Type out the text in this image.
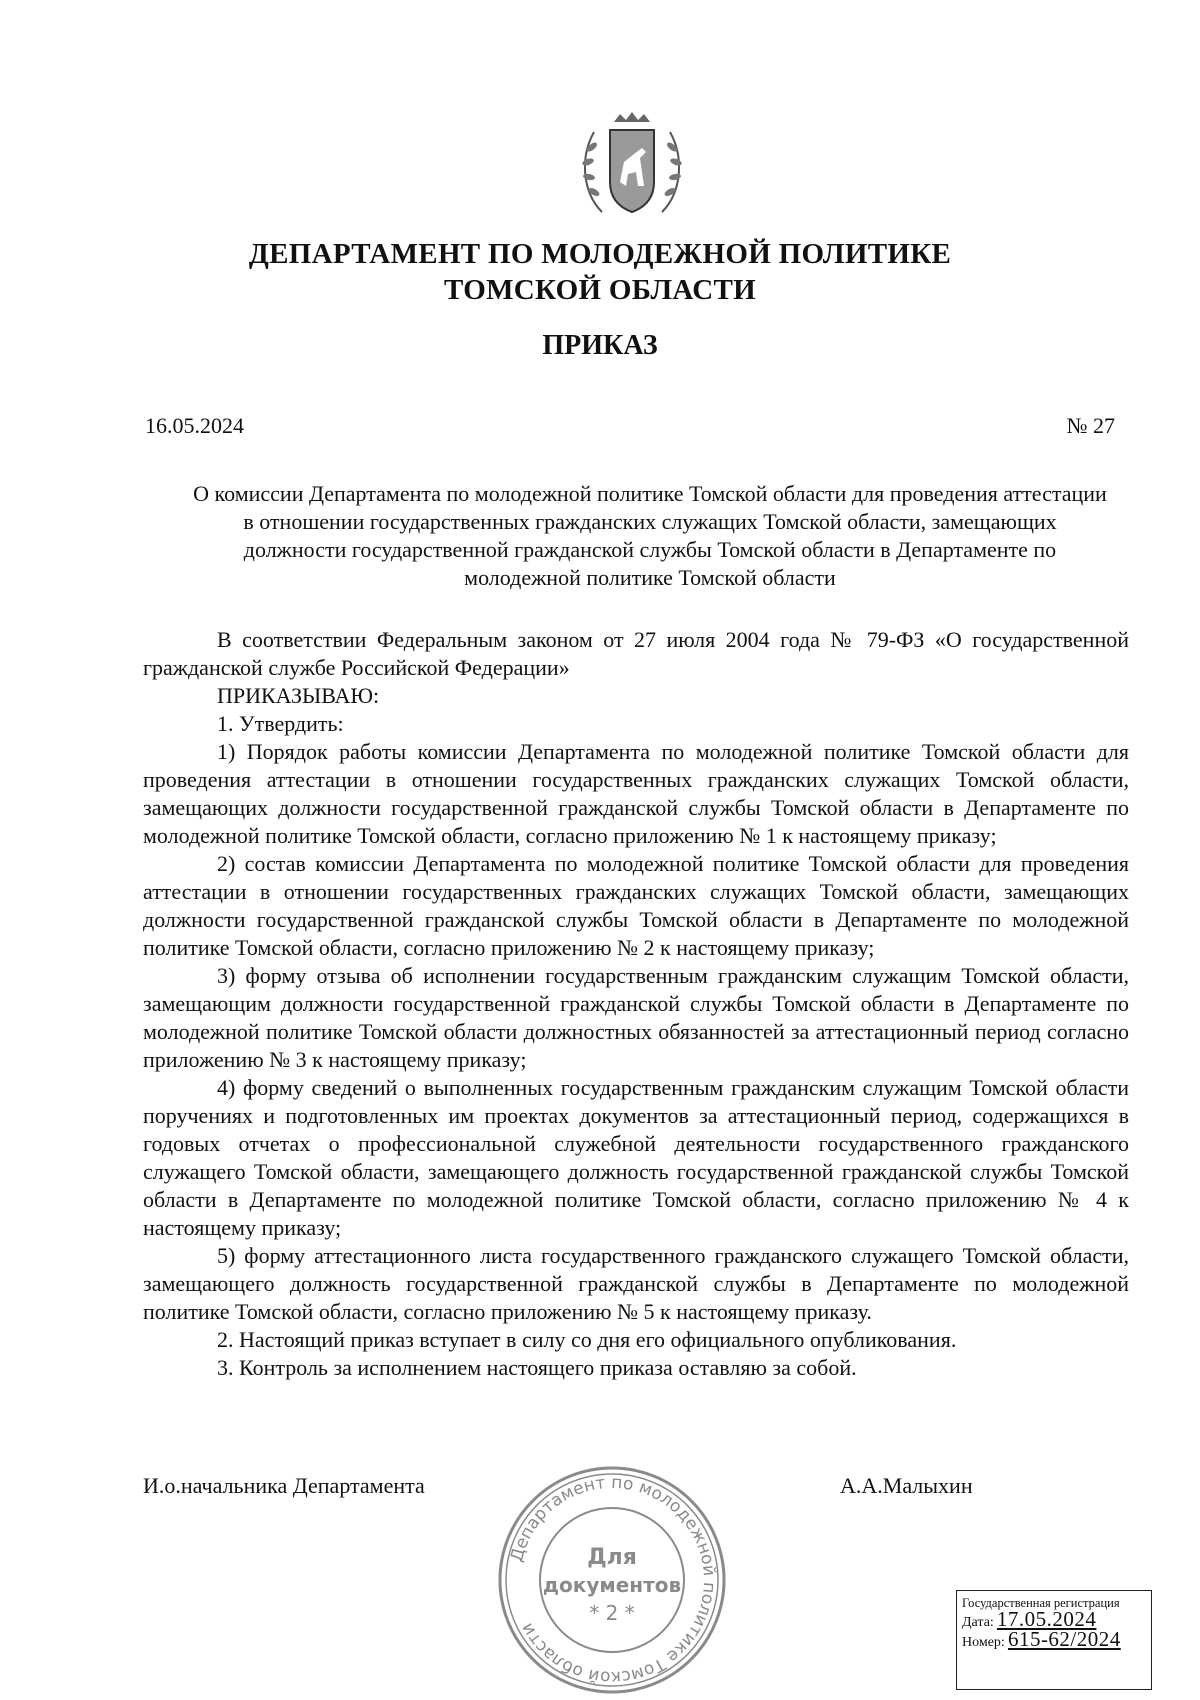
ДЕПАРТАМЕНТ ПО МОЛОДЕЖНОЙ ПОЛИТИКЕ
ТОМСКОЙ ОБЛАСТИ
ПРИКАЗ
16.05.2024	№ 27
О комиссии Департамента по молодежной политике Томской области для проведения аттестации в отношении государственных гражданских служащих Томской области, замещающих должности государственной гражданской службы Томской области в Департаменте по молодежной политике Томской области

В соответствии Федеральным законом от 27 июля 2004 года № 79-ФЗ «О государственной гражданской службе Российской Федерации»

ПРИКАЗЫВАЮ:

1. Утвердить:

1) Порядок работы комиссии Департамента по молодежной политике Томской области для проведения аттестации в отношении государственных гражданских служащих Томской области, замещающих должности государственной гражданской службы Томской области в Департаменте по молодежной политике Томской области, согласно приложению № 1 к настоящему приказу;

2) состав комиссии Департамента по молодежной политике Томской области для проведения аттестации в отношении государственных гражданских служащих Томской области, замещающих должности государственной гражданской службы Томской области в Департаменте по молодежной политике Томской области, согласно приложению № 2 к настоящему приказу;

3) форму отзыва об исполнении государственным гражданским служащим Томской области, замещающим должности государственной гражданской службы Томской области в Департаменте по молодежной политике Томской области должностных обязанностей за аттестационный период согласно приложению № 3 к настоящему приказу;

4) форму сведений о выполненных государственным гражданским служащим Томской области поручениях и подготовленных им проектах документов за аттестационный период, содержащихся в годовых отчетах о профессиональной служебной деятельности государственного гражданского служащего Томской области, замещающего должность государственной гражданской службы Томской области в Департаменте по молодежной политике Томской области, согласно приложению № 4 к настоящему приказу;

5) форму аттестационного листа государственного гражданского служащего Томской области, замещающего должность государственной гражданской службы в Департаменте по молодежной политике Томской области, согласно приложению № 5 к настоящему приказу.

2. Настоящий приказ вступает в силу со дня его официального опубликования.

3. Контроль за исполнением настоящего приказа оставляю за собой.

И.о.начальника Департамента	А.А.Малыхин
Департамент по молодежной политике Томской области
Для
документов
* 2 *	Государственная регистрация
Дата: 17.05.2024
Номер: 615-62/2024
